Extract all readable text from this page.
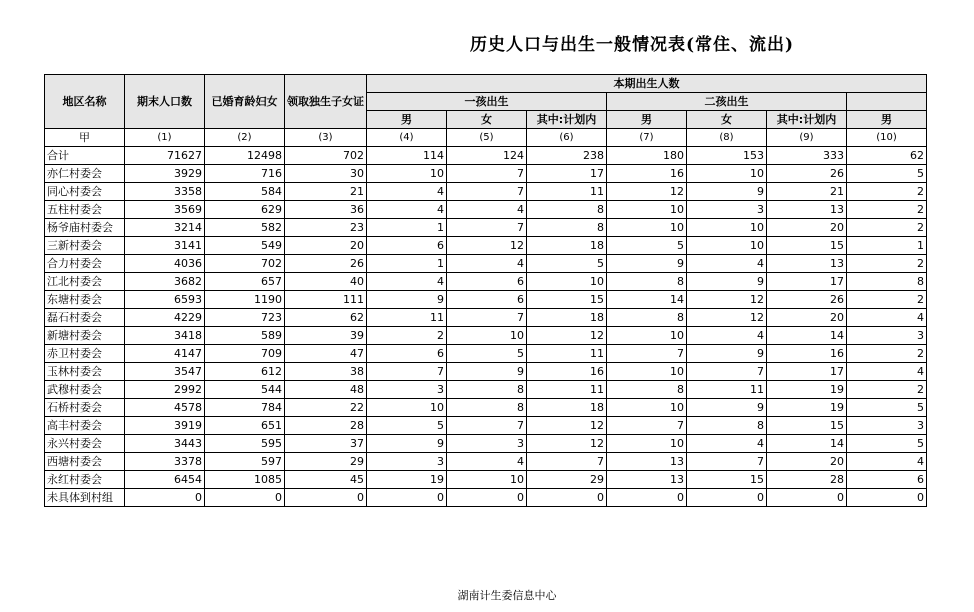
历史人口与出生一般情况表(常住、流出)
地区名称	期末人口数	已婚育龄妇女	领取独生子女证	本期出生人数						
				一孩出生			二孩出生			
				男	女	其中:计划内	男	女	其中:计划内	男
甲	(1)	(2)	(3)	(4)	(5)	(6)	(7)	(8)	(9)	(10)
合计	71627	12498	702	114	124	238	180	153	333	62
亦仁村委会	3929	716	30	10	7	17	16	10	26	5
同心村委会	3358	584	21	4	7	11	12	9	21	2
五柱村委会	3569	629	36	4	4	8	10	3	13	2
杨爷庙村委会	3214	582	23	1	7	8	10	10	20	2
三新村委会	3141	549	20	6	12	18	5	10	15	1
合力村委会	4036	702	26	1	4	5	9	4	13	2
江北村委会	3682	657	40	4	6	10	8	9	17	8
东塘村委会	6593	1190	111	9	6	15	14	12	26	2
磊石村委会	4229	723	62	11	7	18	8	12	20	4
新塘村委会	3418	589	39	2	10	12	10	4	14	3
赤卫村委会	4147	709	47	6	5	11	7	9	16	2
玉林村委会	3547	612	38	7	9	16	10	7	17	4
武穆村委会	2992	544	48	3	8	11	8	11	19	2
石桥村委会	4578	784	22	10	8	18	10	9	19	5
高丰村委会	3919	651	28	5	7	12	7	8	15	3
永兴村委会	3443	595	37	9	3	12	10	4	14	5
西塘村委会	3378	597	29	3	4	7	13	7	20	4
永红村委会	6454	1085	45	19	10	29	13	15	28	6
未具体到村组	0	0	0	0	0	0	0	0	0	0
湖南计生委信息中心
